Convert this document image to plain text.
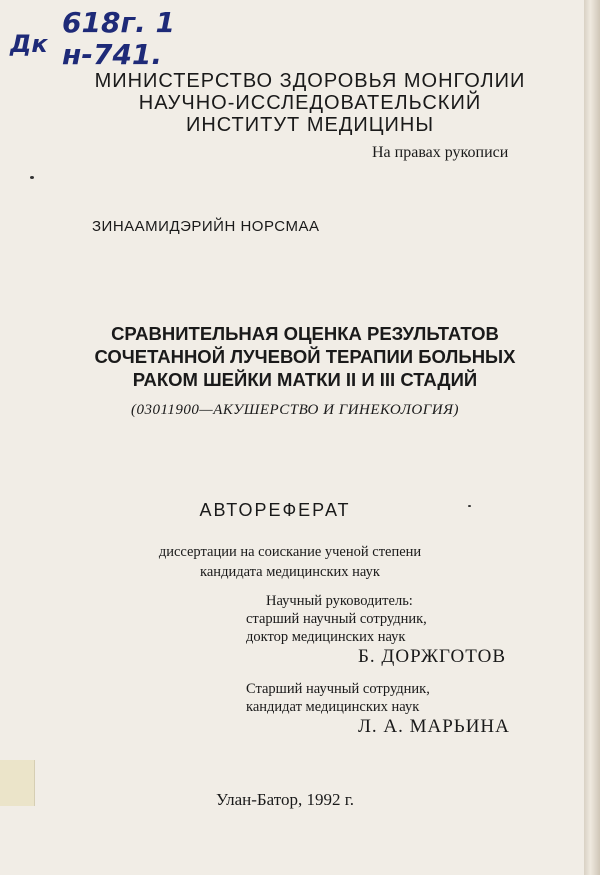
Дк
618г. 1
н-741.
МИНИСТЕРСТВО ЗДОРОВЬЯ МОНГОЛИИ
НАУЧНО-ИССЛЕДОВАТЕЛЬСКИЙ
ИНСТИТУТ МЕДИЦИНЫ
На правах рукописи
ЗИНААМИДЭРИЙН НОРСМАА
СРАВНИТЕЛЬНАЯ ОЦЕНКА РЕЗУЛЬТАТОВ
СОЧЕТАННОЙ ЛУЧЕВОЙ ТЕРАПИИ БОЛЬНЫХ
РАКОМ ШЕЙКИ МАТКИ II И III СТАДИЙ
(03011900—АКУШЕРСТВО И ГИНЕКОЛОГИЯ)
АВТОРЕФЕРАТ
диссертации на соискание ученой степени
кандидата медицинских наук
Научный руководитель:
старший научный сотрудник,
доктор медицинских наук
Б. ДОРЖГОТОВ
Старший научный сотрудник,
кандидат медицинских наук
Л. А. МАРЬИНА
Улан-Батор, 1992 г.
